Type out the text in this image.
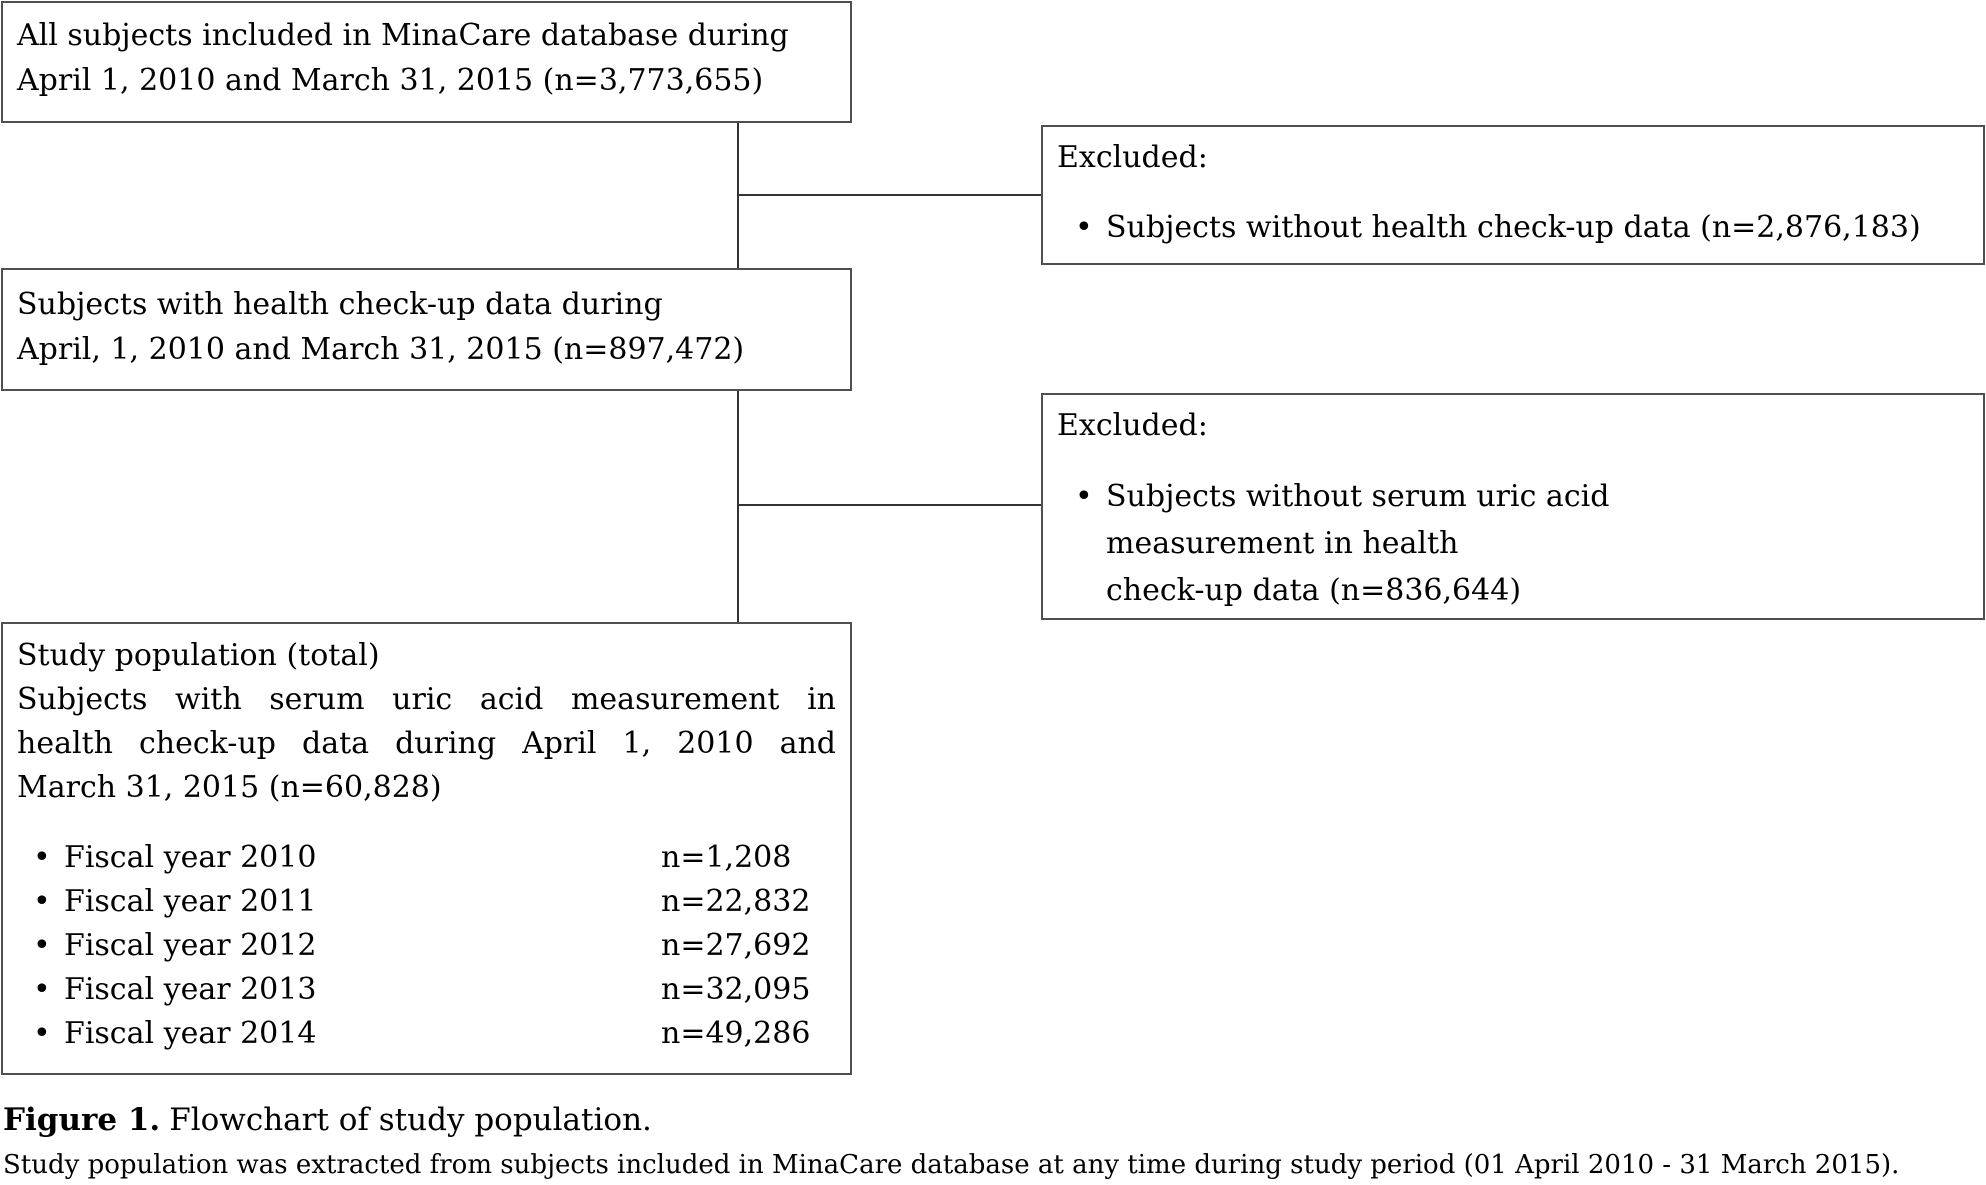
All subjects included in MinaCare database during
April 1, 2010 and March 31, 2015 (n=3,773,655)
Excluded:
• Subjects without health check-up data (n=2,876,183)
Subjects with health check-up data during
April, 1, 2010 and March 31, 2015 (n=897,472)
Excluded:
• Subjects without serum uric acid
measurement in health
check-up data (n=836,644)
Study population (total)
Subjects with serum uric acid measurement in
health check-up data during April 1, 2010 and
March 31, 2015 (n=60,828)
• Fiscal year 2010	n=1,208
• Fiscal year 2011	n=22,832
• Fiscal year 2012	n=27,692
• Fiscal year 2013	n=32,095
• Fiscal year 2014	n=49,286
Figure 1. Flowchart of study population.
Study population was extracted from subjects included in MinaCare database at any time during study period (01 April 2010 - 31 March 2015).
